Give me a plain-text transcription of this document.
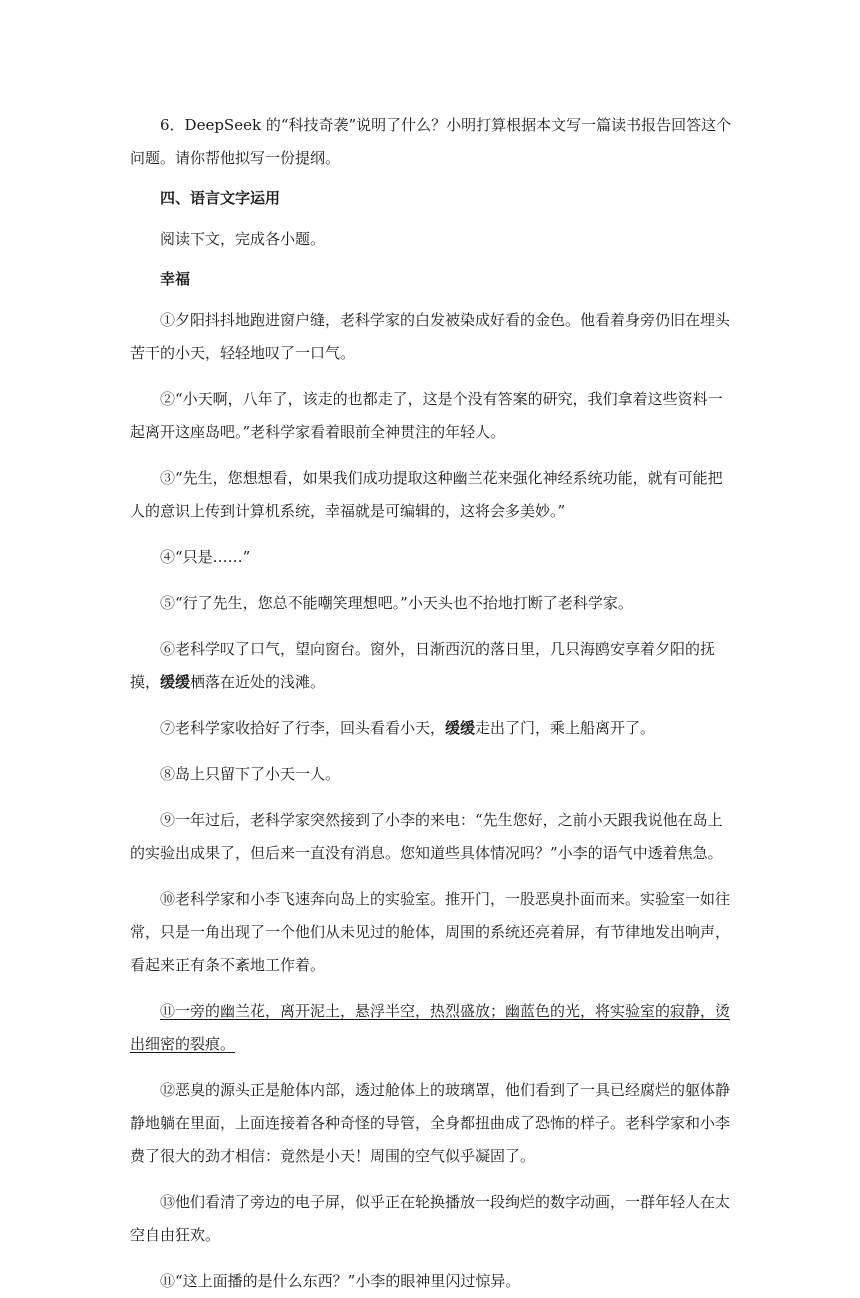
6．DeepSeek 的“科技奇袭”说明了什么？小明打算根据本文写一篇读书报告回答这个问题。请你帮他拟写一份提纲。

四、语言文字运用

阅读下文，完成各小题。

幸福

①夕阳抖抖地跑进窗户缝，老科学家的白发被染成好看的金色。他看着身旁仍旧在埋头苦干的小天，轻轻地叹了一口气。

②“小天啊，八年了，该走的也都走了，这是个没有答案的研究，我们拿着这些资料一起离开这座岛吧。”老科学家看着眼前全神贯注的年轻人。

③“先生，您想想看，如果我们成功提取这种幽兰花来强化神经系统功能，就有可能把人的意识上传到计算机系统，幸福就是可编辑的，这将会多美妙。”

④“只是……”

⑤“行了先生，您总不能嘲笑理想吧。”小天头也不抬地打断了老科学家。

⑥老科学叹了口气，望向窗台。窗外，日渐西沉的落日里，几只海鸥安享着夕阳的抚摸，缓缓栖落在近处的浅滩。

⑦老科学家收拾好了行李，回头看看小天，缓缓走出了门，乘上船离开了。

⑧岛上只留下了小天一人。

⑨一年过后，老科学家突然接到了小李的来电：“先生您好，之前小天跟我说他在岛上的实验出成果了，但后来一直没有消息。您知道些具体情况吗？”小李的语气中透着焦急。

⑩老科学家和小李飞速奔向岛上的实验室。推开门，一股恶臭扑面而来。实验室一如往常，只是一角出现了一个他们从未见过的舱体，周围的系统还亮着屏，有节律地发出响声，看起来正有条不紊地工作着。

⑪一旁的幽兰花，离开泥土，悬浮半空，热烈盛放；幽蓝色的光，将实验室的寂静，烫出细密的裂痕。

⑫恶臭的源头正是舱体内部，透过舱体上的玻璃罩，他们看到了一具已经腐烂的躯体静静地躺在里面，上面连接着各种奇怪的导管，全身都扭曲成了恐怖的样子。老科学家和小李费了很大的劲才相信：竟然是小天！周围的空气似乎凝固了。

⑬他们看清了旁边的电子屏，似乎正在轮换播放一段绚烂的数字动画，一群年轻人在太空自由狂欢。

⑪“这上面播的是什么东西？”小李的眼神里闪过惊异。
